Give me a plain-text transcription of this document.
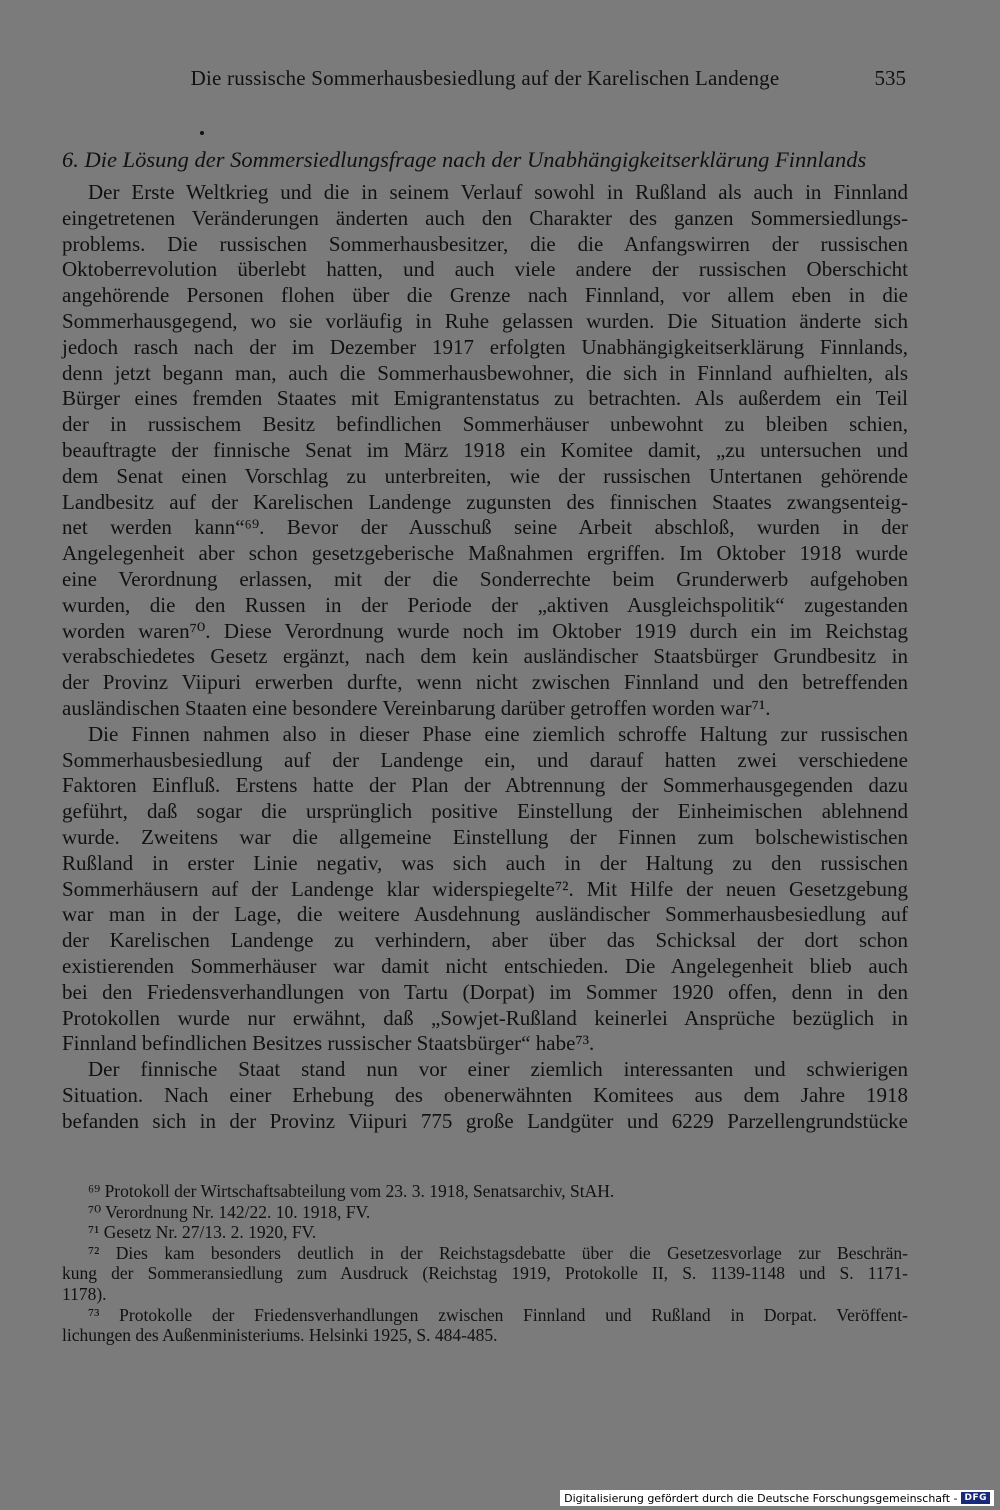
Die russische Sommerhausbesiedlung auf der Karelischen Landenge	535
6. Die Lösung der Sommersiedlungsfrage nach der Unabhängigkeitserklärung Finnlands
Der Erste Weltkrieg und die in seinem Verlauf sowohl in Rußland als auch in Finnland
eingetretenen Veränderungen änderten auch den Charakter des ganzen Sommersiedlungs-
problems. Die russischen Sommerhausbesitzer, die die Anfangswirren der russischen
Oktoberrevolution überlebt hatten, und auch viele andere der russischen Oberschicht
angehörende Personen flohen über die Grenze nach Finnland, vor allem eben in die
Sommerhausgegend, wo sie vorläufig in Ruhe gelassen wurden. Die Situation änderte sich
jedoch rasch nach der im Dezember 1917 erfolgten Unabhängigkeitserklärung Finnlands,
denn jetzt begann man, auch die Sommerhausbewohner, die sich in Finnland aufhielten, als
Bürger eines fremden Staates mit Emigrantenstatus zu betrachten. Als außerdem ein Teil
der in russischem Besitz befindlichen Sommerhäuser unbewohnt zu bleiben schien,
beauftragte der finnische Senat im März 1918 ein Komitee damit, „zu untersuchen und
dem Senat einen Vorschlag zu unterbreiten, wie der russischen Untertanen gehörende
Landbesitz auf der Karelischen Landenge zugunsten des finnischen Staates zwangsenteig-
net werden kann“⁶⁹. Bevor der Ausschuß seine Arbeit abschloß, wurden in der
Angelegenheit aber schon gesetzgeberische Maßnahmen ergriffen. Im Oktober 1918 wurde
eine Verordnung erlassen, mit der die Sonderrechte beim Grunderwerb aufgehoben
wurden, die den Russen in der Periode der „aktiven Ausgleichspolitik“ zugestanden
worden waren⁷⁰. Diese Verordnung wurde noch im Oktober 1919 durch ein im Reichstag
verabschiedetes Gesetz ergänzt, nach dem kein ausländischer Staatsbürger Grundbesitz in
der Provinz Viipuri erwerben durfte, wenn nicht zwischen Finnland und den betreffenden
ausländischen Staaten eine besondere Vereinbarung darüber getroffen worden war⁷¹.
Die Finnen nahmen also in dieser Phase eine ziemlich schroffe Haltung zur russischen
Sommerhausbesiedlung auf der Landenge ein, und darauf hatten zwei verschiedene
Faktoren Einfluß. Erstens hatte der Plan der Abtrennung der Sommerhausgegenden dazu
geführt, daß sogar die ursprünglich positive Einstellung der Einheimischen ablehnend
wurde. Zweitens war die allgemeine Einstellung der Finnen zum bolschewistischen
Rußland in erster Linie negativ, was sich auch in der Haltung zu den russischen
Sommerhäusern auf der Landenge klar widerspiegelte⁷². Mit Hilfe der neuen Gesetzgebung
war man in der Lage, die weitere Ausdehnung ausländischer Sommerhausbesiedlung auf
der Karelischen Landenge zu verhindern, aber über das Schicksal der dort schon
existierenden Sommerhäuser war damit nicht entschieden. Die Angelegenheit blieb auch
bei den Friedensverhandlungen von Tartu (Dorpat) im Sommer 1920 offen, denn in den
Protokollen wurde nur erwähnt, daß „Sowjet-Rußland keinerlei Ansprüche bezüglich in
Finnland befindlichen Besitzes russischer Staatsbürger“ habe⁷³.
Der finnische Staat stand nun vor einer ziemlich interessanten und schwierigen
Situation. Nach einer Erhebung des obenerwähnten Komitees aus dem Jahre 1918
befanden sich in der Provinz Viipuri 775 große Landgüter und 6229 Parzellengrundstücke
⁶⁹ Protokoll der Wirtschaftsabteilung vom 23. 3. 1918, Senatsarchiv, StAH.
⁷⁰ Verordnung Nr. 142/22. 10. 1918, FV.
⁷¹ Gesetz Nr. 27/13. 2. 1920, FV.
⁷² Dies kam besonders deutlich in der Reichstagsdebatte über die Gesetzesvorlage zur Beschrän-
kung der Sommeransiedlung zum Ausdruck (Reichstag 1919, Protokolle II, S. 1139-1148 und S. 1171-
1178).
⁷³ Protokolle der Friedensverhandlungen zwischen Finnland und Rußland in Dorpat. Veröffent-
lichungen des Außenministeriums. Helsinki 1925, S. 484-485.
Digitalisierung gefördert durch die Deutsche Forschungsgemeinschaft - DFG
